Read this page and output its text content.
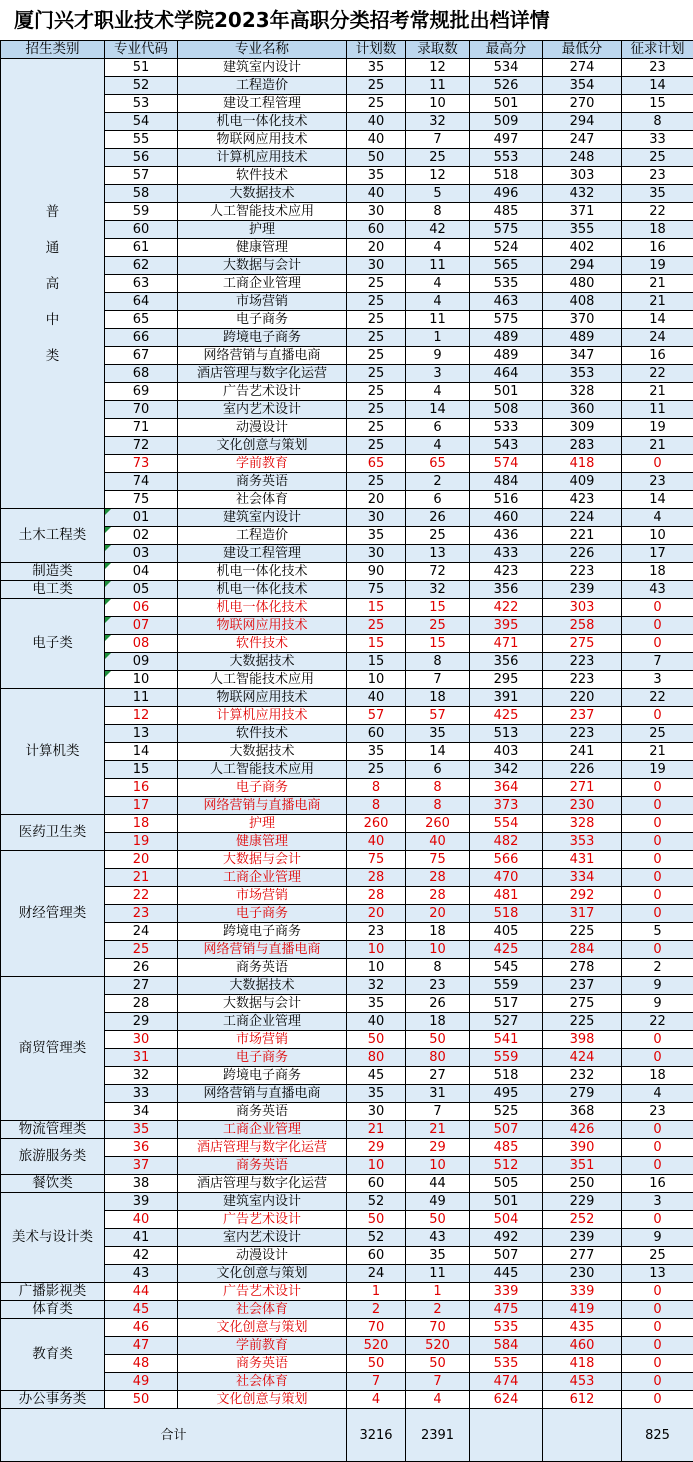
厦门兴才职业技术学院2023年高职分类招考常规批出档详情
招生类别	专业代码	专业名称	计划数	录取数	最高分	最低分	征求计划

普
通
高
中
类	51	建筑室内设计	35	12	534	274	23
	52	工程造价	25	11	526	354	14
	53	建设工程管理	25	10	501	270	15
	54	机电一体化技术	40	32	509	294	8
	55	物联网应用技术	40	7	497	247	33
	56	计算机应用技术	50	25	553	248	25
	57	软件技术	35	12	518	303	23
	58	大数据技术	40	5	496	432	35
	59	人工智能技术应用	30	8	485	371	22
	60	护理	60	42	575	355	18
	61	健康管理	20	4	524	402	16
	62	大数据与会计	30	11	565	294	19
	63	工商企业管理	25	4	535	480	21
	64	市场营销	25	4	463	408	21
	65	电子商务	25	11	575	370	14
	66	跨境电子商务	25	1	489	489	24
	67	网络营销与直播电商	25	9	489	347	16
	68	酒店管理与数字化运营	25	3	464	353	22
	69	广告艺术设计	25	4	501	328	21
	70	室内艺术设计	25	14	508	360	11
	71	动漫设计	25	6	533	309	19
	72	文化创意与策划	25	4	543	283	21
	73	学前教育	65	65	574	418	0
	74	商务英语	25	2	484	409	23
	75	社会体育	20	6	516	423	14
土木工程类	01	建筑室内设计	30	26	460	224	4
	02	工程造价	35	25	436	221	10
	03	建设工程管理	30	13	433	226	17
制造类	04	机电一体化技术	90	72	423	223	18
电工类	05	机电一体化技术	75	32	356	239	43
电子类	06	机电一体化技术	15	15	422	303	0
	07	物联网应用技术	25	25	395	258	0
	08	软件技术	15	15	471	275	0
	09	大数据技术	15	8	356	223	7
	10	人工智能技术应用	10	7	295	223	3
计算机类	11	物联网应用技术	40	18	391	220	22
	12	计算机应用技术	57	57	425	237	0
	13	软件技术	60	35	513	223	25
	14	大数据技术	35	14	403	241	21
	15	人工智能技术应用	25	6	342	226	19
	16	电子商务	8	8	364	271	0
	17	网络营销与直播电商	8	8	373	230	0
医药卫生类	18	护理	260	260	554	328	0
	19	健康管理	40	40	482	353	0
财经管理类	20	大数据与会计	75	75	566	431	0
	21	工商企业管理	28	28	470	334	0
	22	市场营销	28	28	481	292	0
	23	电子商务	20	20	518	317	0
	24	跨境电子商务	23	18	405	225	5
	25	网络营销与直播电商	10	10	425	284	0
	26	商务英语	10	8	545	278	2
商贸管理类	27	大数据技术	32	23	559	237	9
	28	大数据与会计	35	26	517	275	9
	29	工商企业管理	40	18	527	225	22
	30	市场营销	50	50	541	398	0
	31	电子商务	80	80	559	424	0
	32	跨境电子商务	45	27	518	232	18
	33	网络营销与直播电商	35	31	495	279	4
	34	商务英语	30	7	525	368	23
物流管理类	35	工商企业管理	21	21	507	426	0
旅游服务类	36	酒店管理与数字化运营	29	29	485	390	0
	37	商务英语	10	10	512	351	0
餐饮类	38	酒店管理与数字化运营	60	44	505	250	16
美术与设计类	39	建筑室内设计	52	49	501	229	3
	40	广告艺术设计	50	50	504	252	0
	41	室内艺术设计	52	43	492	239	9
	42	动漫设计	60	35	507	277	25
	43	文化创意与策划	24	11	445	230	13
广播影视类	44	广告艺术设计	1	1	339	339	0
体育类	45	社会体育	2	2	475	419	0
教育类	46	文化创意与策划	70	70	535	435	0
	47	学前教育	520	520	584	460	0
	48	商务英语	50	50	535	418	0
	49	社会体育	7	7	474	453	0
办公事务类	50	文化创意与策划	4	4	624	612	0
合计			3216	2391			825
